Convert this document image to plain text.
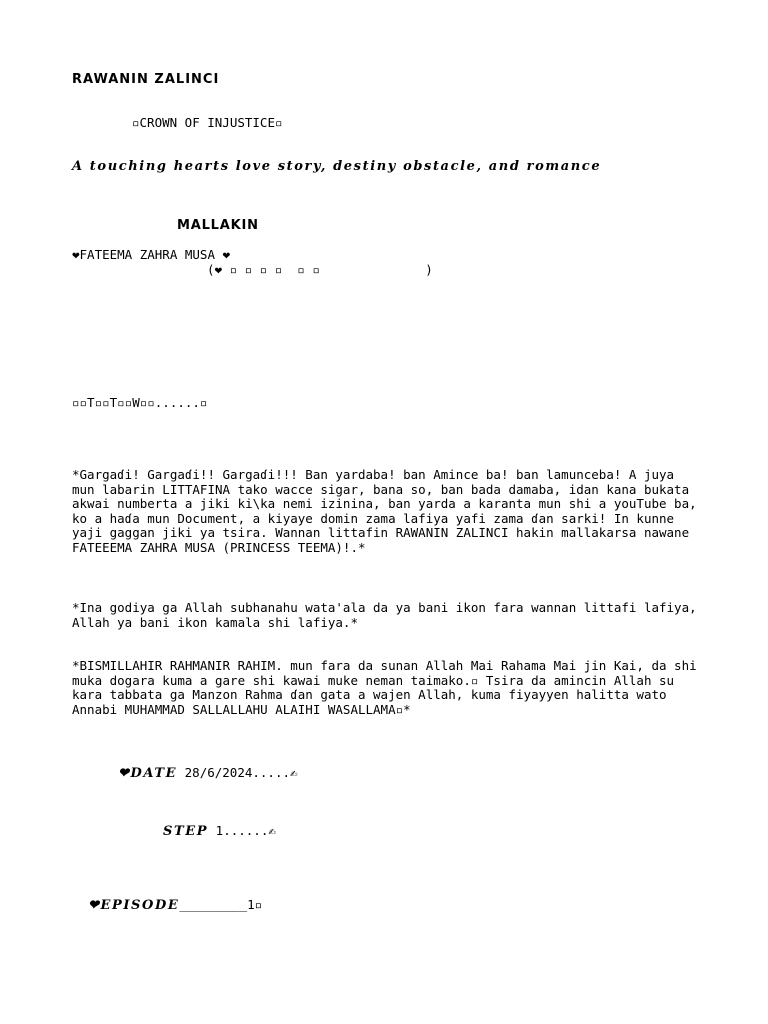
RAWANIN ZALINCI
▫CROWN OF INJUSTICE▫
A touching hearts love story, destiny obstacle, and romance
MALLAKIN
❤FATEEMA ZAHRA MUSA ❤
(❤ ▫ ▫ ▫ ▫  ▫ ▫              )
▫▫T▫▫T▫▫W▫▫......▫
*Gargaɗi! Gargaɗi!! Gargaɗi!!! Ban yardaba! ban Amince ba! ban lamunceba! A juya mun labarin LITTAFINA tako wacce sigar, bana so, ban bada damaba, idan kana bukata akwai numberta a jiki ki\ka nemi izinina, ban yarda a karanta mun shi a youTube ba, ko a haɗa mun Document, a kiyaye domin zama lafiya yafi zama ɗan sarki! In kunne yaji gaggan jiki ya tsira. Wannan littafin RAWANIN ZALINCI hakin mallakarsa nawane FATEEEMA ZAHRA MUSA (PRINCESS TEEMA)!.*
*Ina godiya ga Allah subhanahu wata'ala da ya bani ikon fara wannan littafi lafiya, Allah ya bani ikon kamala shi lafiya.*
*BISMILLAHIR RAHMANIR RAHIM. mun fara da sunan Allah Mai Rahama Mai jin Kai, da shi muka dogara kuma a gare shi kawai muke neman taimako.▫ Tsira da amincin Allah su kara tabbata ga Manzon Rahma ɗan gata a wajen Allah, kuma fiyayyen halitta wato Annabi MUHAMMAD SALLALLAHU ALAIHI WASALLAMA▫*

❤DATE 28/6/2024.....✍

STEP 1......✍

❤EPISODE_________1▫
